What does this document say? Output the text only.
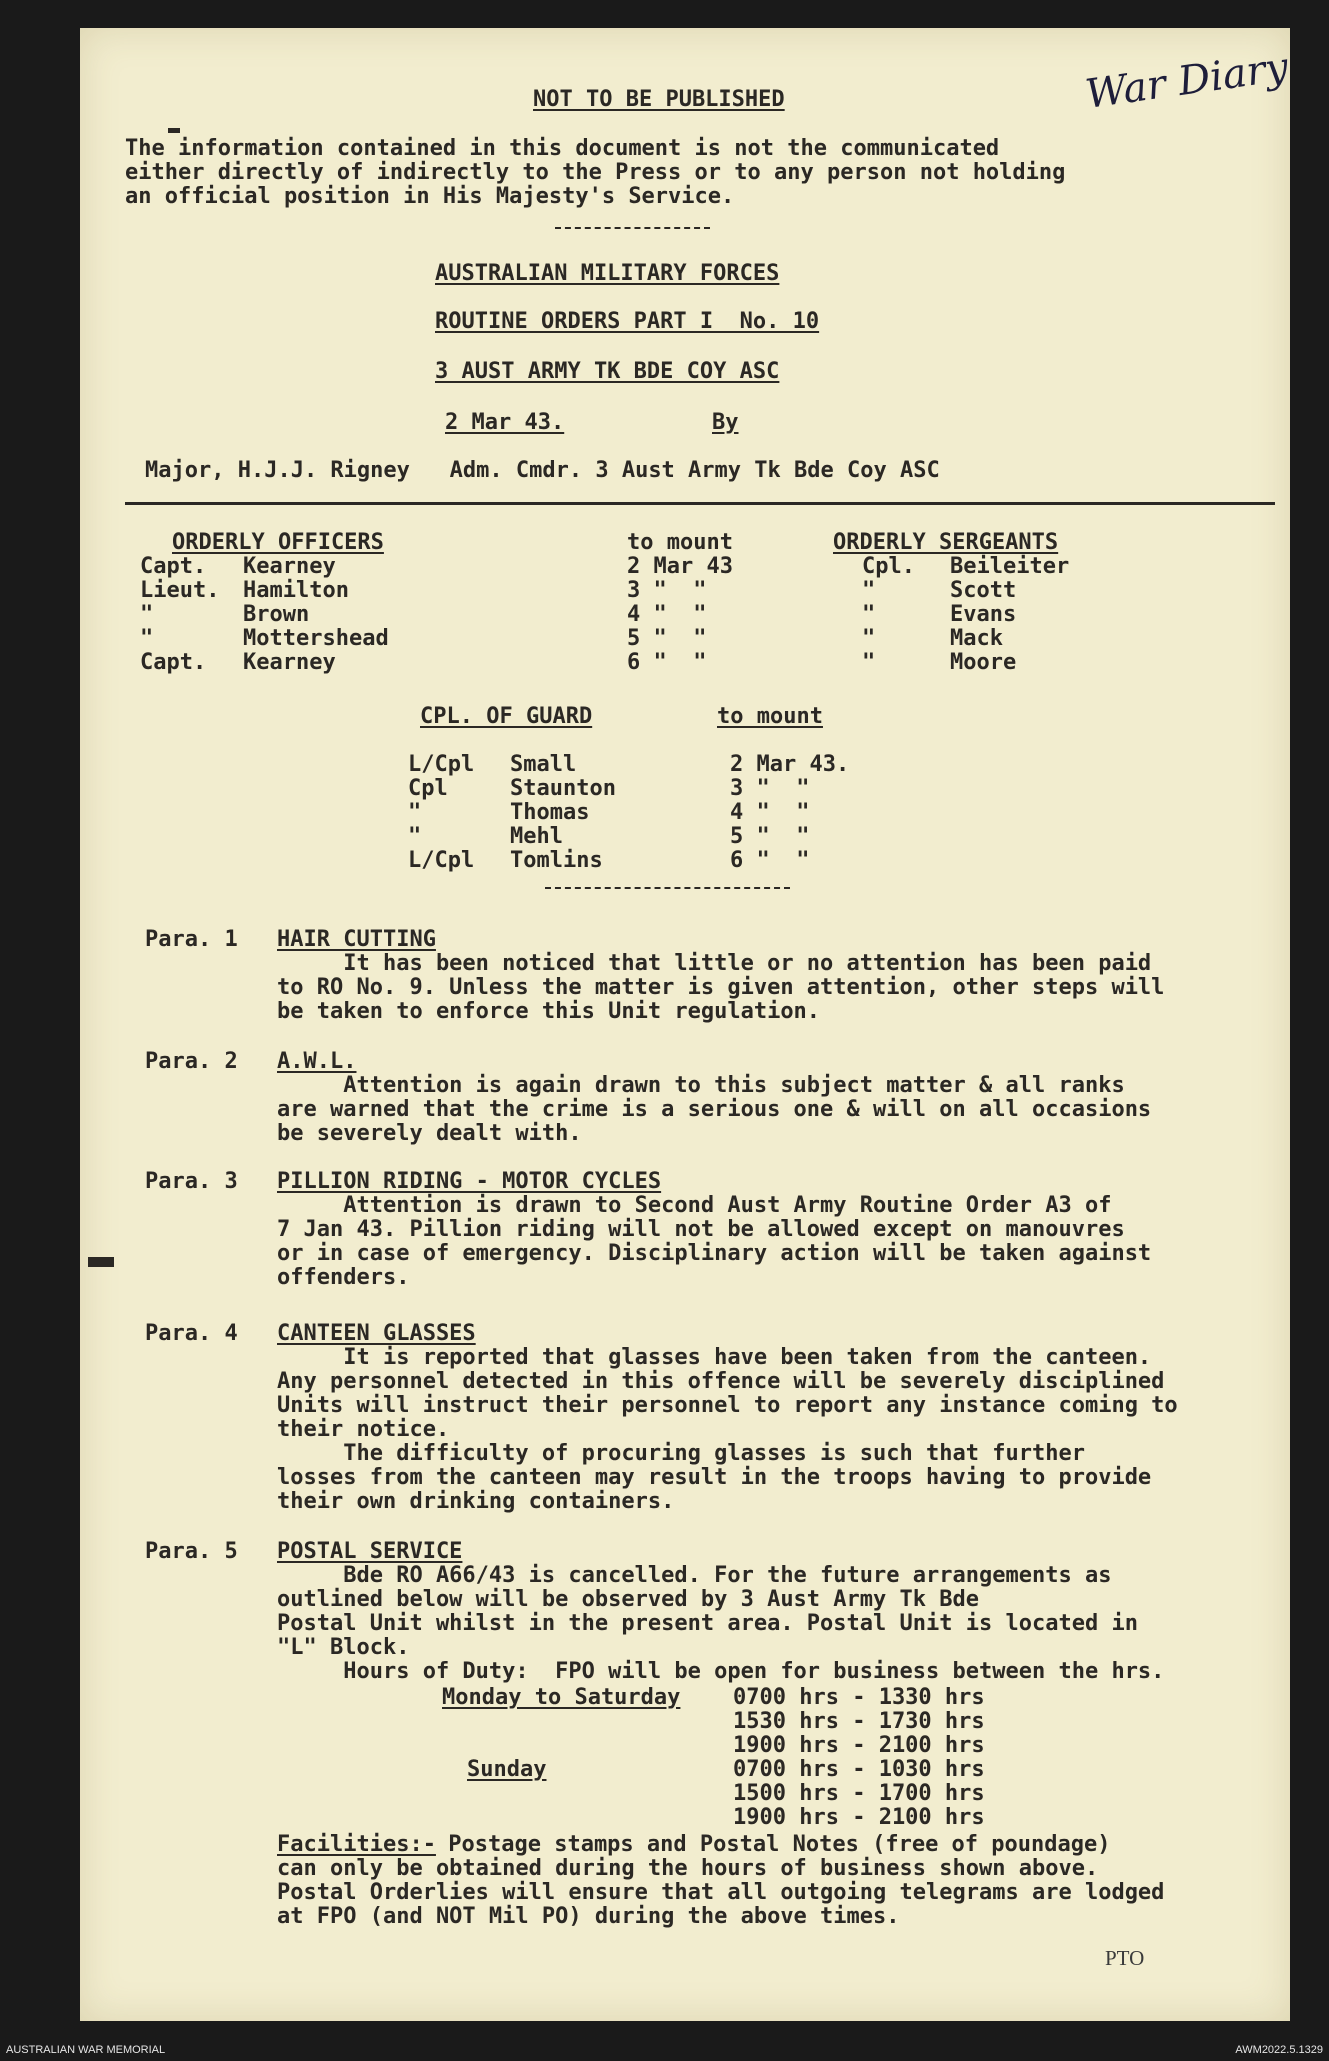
War Diary
NOT TO BE PUBLISHED
The information contained in this document is not the communicated
either directly of indirectly to the Press or to any person not holding
an official position in His Majesty's Service.
AUSTRALIAN MILITARY FORCES
ROUTINE ORDERS PART I  No. 10
3 AUST ARMY TK BDE COY ASC
2 Mar 43.	By
Major, H.J.J. Rigney   Adm. Cmdr. 3 Aust Army Tk Bde Coy ASC
ORDERLY OFFICERS	to mount	ORDERLY SERGEANTS
Capt. Kearney	2 Mar 43	Cpl. Beileiter
Lieut. Hamilton	3 "  "	"	Scott
"	Brown	4 "  "	"	Evans
"	Mottershead	5 "  "	"	Mack
Capt. Kearney	6 "  "	"	Moore
CPL. OF GUARD	to mount
L/Cpl Small	2 Mar 43.
Cpl	Staunton	3 "  "
"	Thomas	4 "  "
"	Mehl	5 "  "
L/Cpl Tomlins	6 "  "
Para. 1 HAIR CUTTING
It has been noticed that little or no attention has been paid
to RO No. 9. Unless the matter is given attention, other steps will
be taken to enforce this Unit regulation.
Para. 2 A.W.L.
Attention is again drawn to this subject matter & all ranks
are warned that the crime is a serious one & will on all occasions
be severely dealt with.
Para. 3 PILLION RIDING - MOTOR CYCLES
Attention is drawn to Second Aust Army Routine Order A3 of
7 Jan 43. Pillion riding will not be allowed except on manouvres
or in case of emergency. Disciplinary action will be taken against
offenders.
Para. 4 CANTEEN GLASSES
It is reported that glasses have been taken from the canteen.
Any personnel detected in this offence will be severely disciplined
Units will instruct their personnel to report any instance coming to
their notice.
The difficulty of procuring glasses is such that further
losses from the canteen may result in the troops having to provide
their own drinking containers.
Para. 5 POSTAL SERVICE
Bde RO A66/43 is cancelled. For the future arrangements as
outlined below will be observed by 3 Aust Army Tk Bde
Postal Unit whilst in the present area. Postal Unit is located in
"L" Block.
Hours of Duty:  FPO will be open for business between the hrs.
Monday to Saturday 0700 hrs - 1330 hrs
1530 hrs - 1730 hrs
1900 hrs - 2100 hrs
Sunday	0700 hrs - 1030 hrs
1500 hrs - 1700 hrs
1900 hrs - 2100 hrs
Facilities:- Postage stamps and Postal Notes (free of poundage)
can only be obtained during the hours of business shown above.
Postal Orderlies will ensure that all outgoing telegrams are lodged
at FPO (and NOT Mil PO) during the above times.
PTO
AUSTRALIAN WAR MEMORIAL	AWM2022.5.1329
